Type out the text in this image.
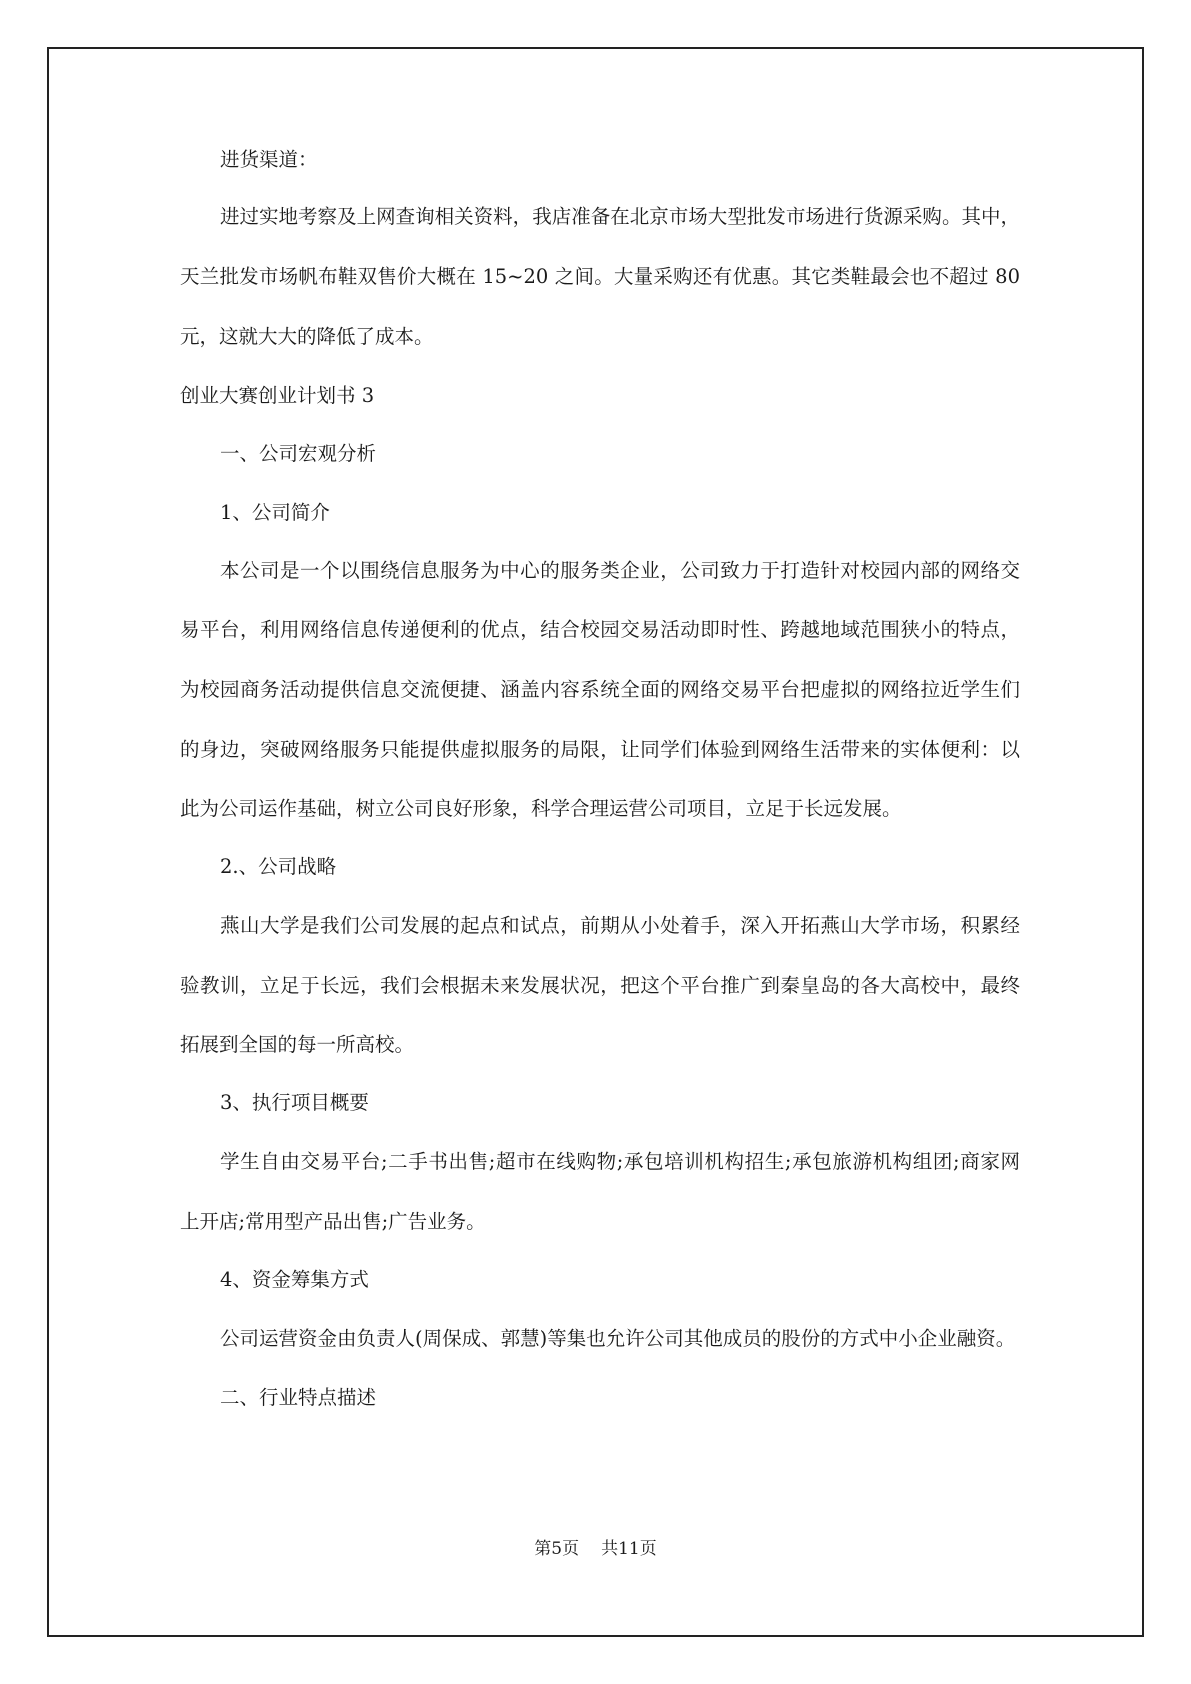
进货渠道：
进过实地考察及上网查询相关资料，我店准备在北京市场大型批发市场进行货源采购。其中，
天兰批发市场帆布鞋双售价大概在 15~20 之间。大量采购还有优惠。其它类鞋最会也不超过 80
元，这就大大的降低了成本。
创业大赛创业计划书 3
一、公司宏观分析
1、公司简介
本公司是一个以围绕信息服务为中心的服务类企业，公司致力于打造针对校园内部的网络交
易平台，利用网络信息传递便利的优点，结合校园交易活动即时性、跨越地域范围狭小的特点，
为校园商务活动提供信息交流便捷、涵盖内容系统全面的网络交易平台把虚拟的网络拉近学生们
的身边，突破网络服务只能提供虚拟服务的局限，让同学们体验到网络生活带来的实体便利：以
此为公司运作基础，树立公司良好形象，科学合理运营公司项目，立足于长远发展。
2.、公司战略
燕山大学是我们公司发展的起点和试点，前期从小处着手，深入开拓燕山大学市场，积累经
验教训，立足于长远，我们会根据未来发展状况，把这个平台推广到秦皇岛的各大高校中，最终
拓展到全国的每一所高校。
3、执行项目概要
学生自由交易平台;二手书出售;超市在线购物;承包培训机构招生;承包旅游机构组团;商家网
上开店;常用型产品出售;广告业务。
4、资金筹集方式
公司运营资金由负责人(周保成、郭慧)等集也允许公司其他成员的股份的方式中小企业融资。
二、行业特点描述
第5页 共11页
